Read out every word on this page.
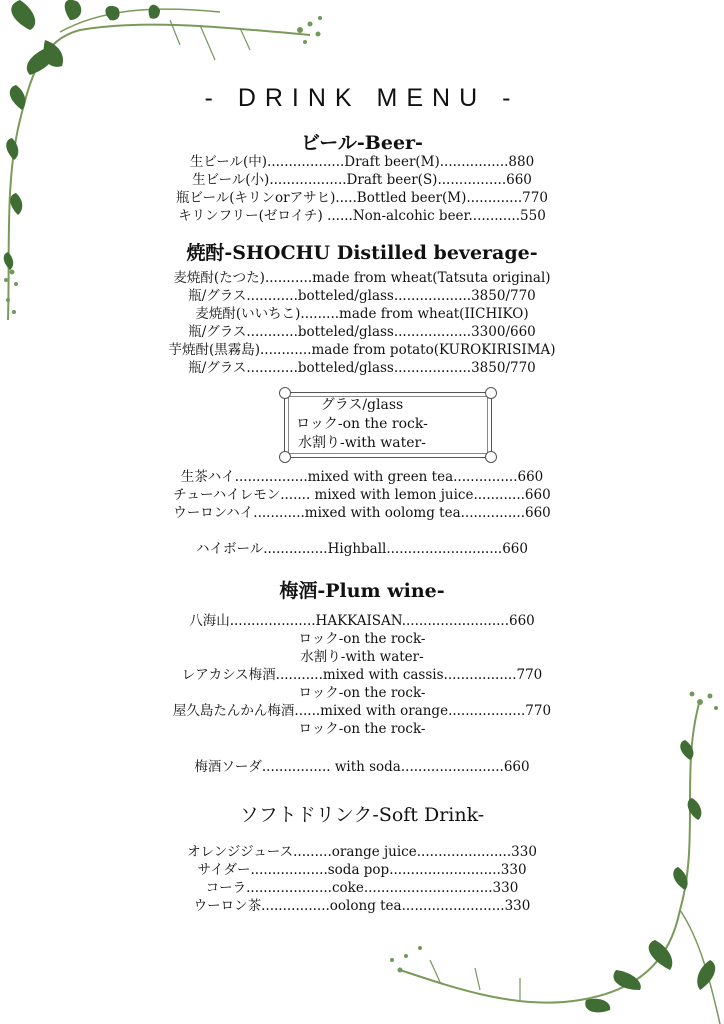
- DRINK MENU -
ビール-Beer-
生ビール(中)..................Draft beer(M)................880
生ビール(小)..................Draft beer(S)................660
瓶ビール(キリンorアサヒ).....Bottled beer(M).............770
キリンフリー(ゼロイチ) ......Non-alcohic beer............550
焼酎-SHOCHU Distilled beverage-
麦焼酎(たつた)...........made from wheat(Tatsuta original)
瓶/グラス............botteled/glass..................3850/770
麦焼酎(いいちこ).........made from wheat(IICHIKO)
瓶/グラス............botteled/glass..................3300/660
芋焼酎(黒霧島)............made from potato(KUROKIRISIMA)
瓶/グラス............botteled/glass..................3850/770
グラス/glass
ロック-on the rock-
水割り-with water-
生茶ハイ.................mixed with green tea...............660
チューハイレモン....... mixed with lemon juice............660
ウーロンハイ............mixed with oolomg tea...............660
ハイボール...............Highball...........................660
梅酒-Plum wine-
八海山....................HAKKAISAN.........................660
ロック-on the rock-
水割り-with water-
レアカシス梅酒...........mixed with cassis.................770
ロック-on the rock-
屋久島たんかん梅酒......mixed with orange..................770
ロック-on the rock-
梅酒ソーダ................ with soda........................660
ソフトドリンク-Soft Drink-
オレンジジュース.........orange juice......................330
サイダー..................soda pop..........................330
コーラ....................coke..............................330
ウーロン茶................oolong tea........................330
